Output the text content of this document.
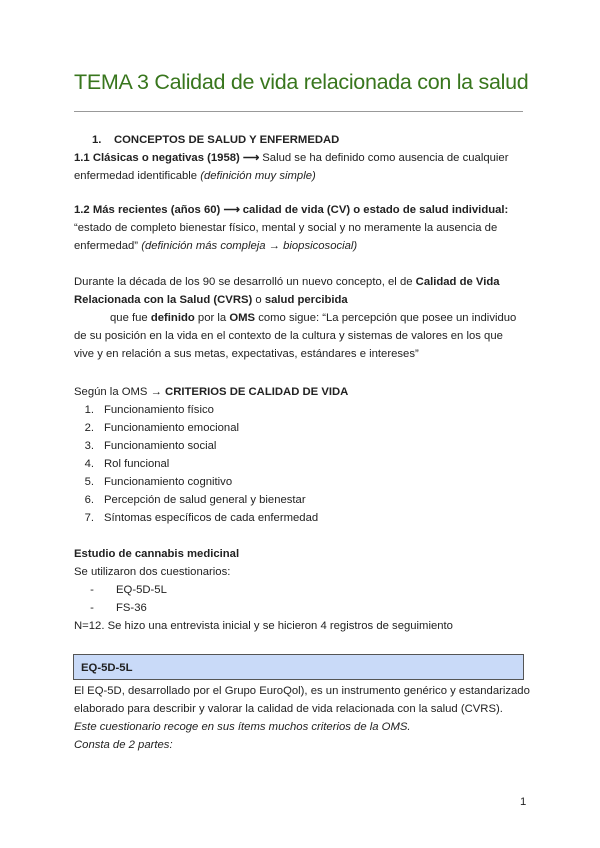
TEMA 3 Calidad de vida relacionada con la salud
1. CONCEPTOS DE SALUD Y ENFERMEDAD
1.1 Clásicas o negativas (1958) ⟶ Salud se ha definido como ausencia de cualquier
enfermedad identificable (definición muy simple)
1.2 Más recientes (años 60) ⟶ calidad de vida (CV) o estado de salud individual:
“estado de completo bienestar físico, mental y social y no meramente la ausencia de
enfermedad” (definición más compleja → biopsicosocial)
Durante la década de los 90 se desarrolló un nuevo concepto, el de Calidad de Vida
Relacionada con la Salud (CVRS) o salud percibida
que fue definido por la OMS como sigue: “La percepción que posee un individuo
de su posición en la vida en el contexto de la cultura y sistemas de valores en los que
vive y en relación a sus metas, expectativas, estándares e intereses”
Según la OMS → CRITERIOS DE CALIDAD DE VIDA
1. Funcionamiento físico
2. Funcionamiento emocional
3. Funcionamiento social
4. Rol funcional
5. Funcionamiento cognitivo
6. Percepción de salud general y bienestar
7. Síntomas específicos de cada enfermedad
Estudio de cannabis medicinal
Se utilizaron dos cuestionarios:
- EQ-5D-5L
- FS-36
N=12. Se hizo una entrevista inicial y se hicieron 4 registros de seguimiento
EQ-5D-5L
El EQ-5D, desarrollado por el Grupo EuroQol), es un instrumento genérico y estandarizado
elaborado para describir y valorar la calidad de vida relacionada con la salud (CVRS).
Este cuestionario recoge en sus ítems muchos criterios de la OMS.
Consta de 2 partes:
1
